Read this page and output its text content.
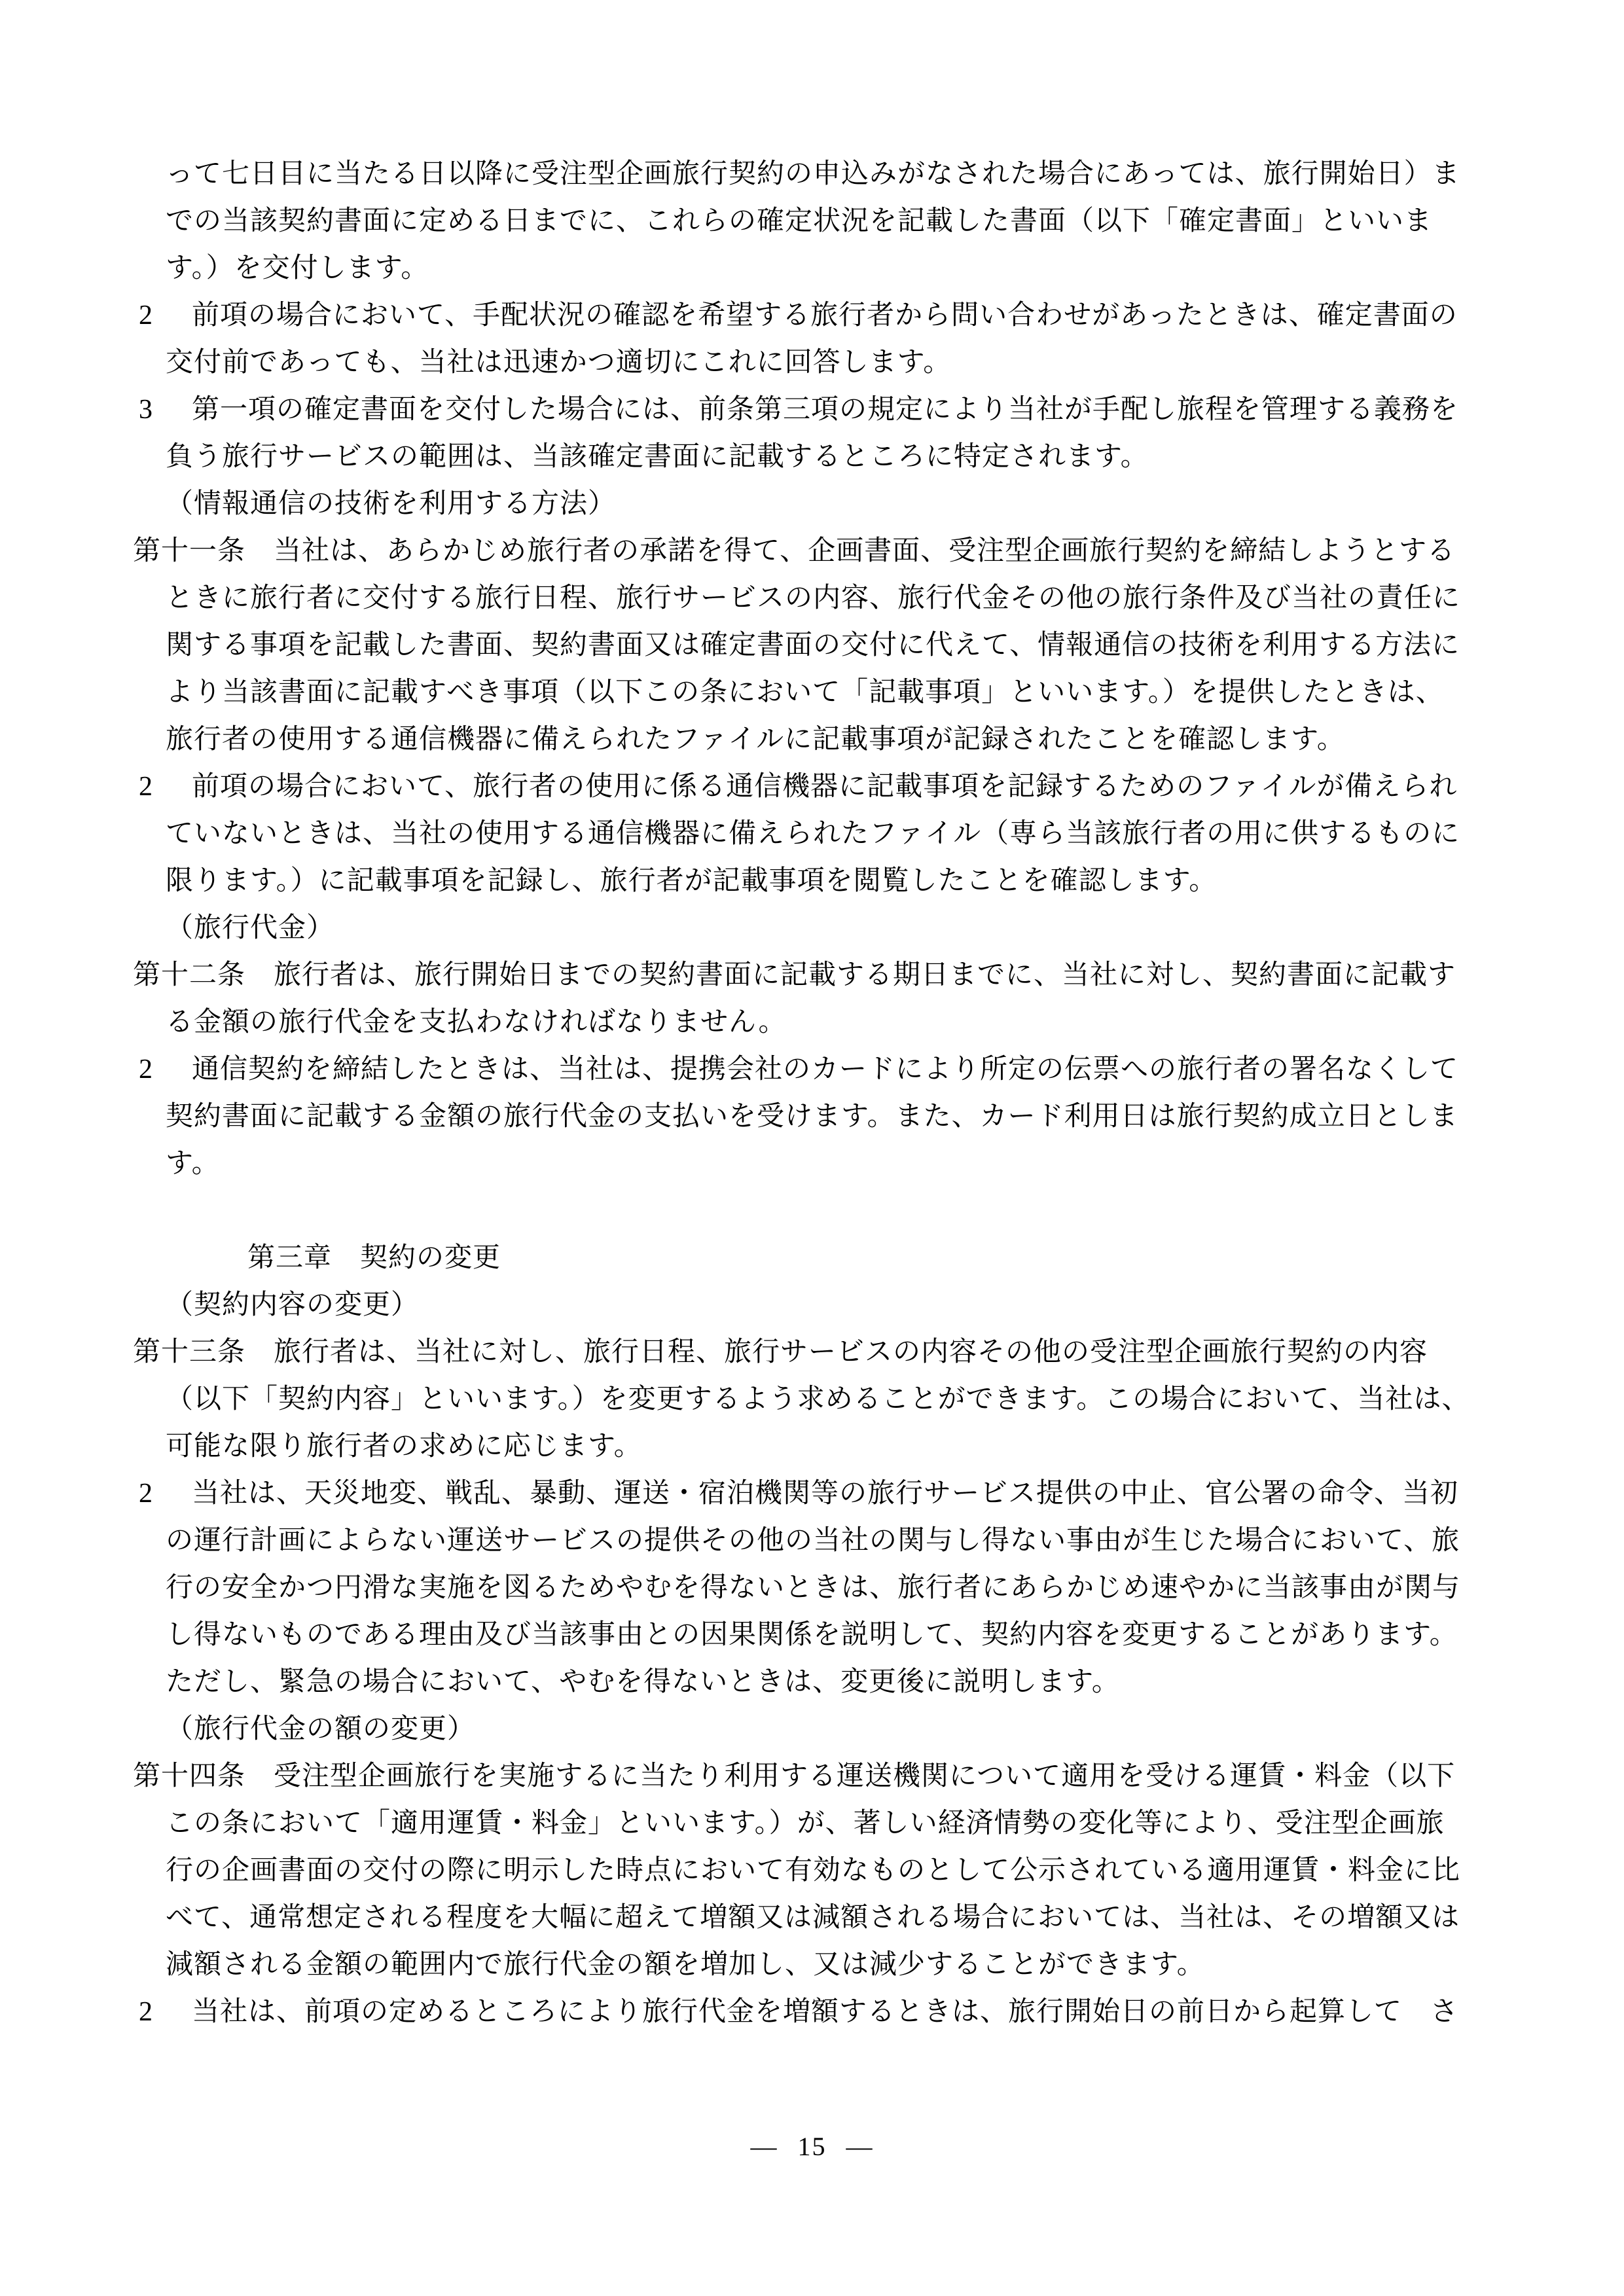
って七日目に当たる日以降に受注型企画旅行契約の申込みがなされた場合にあっては、旅行開始日）ま
での当該契約書面に定める日までに、これらの確定状況を記載した書面（以下「確定書面」といいま
す。）を交付します。
2 前項の場合において、手配状況の確認を希望する旅行者から問い合わせがあったときは、確定書面の
交付前であっても、当社は迅速かつ適切にこれに回答します。
3 第一項の確定書面を交付した場合には、前条第三項の規定により当社が手配し旅程を管理する義務を
負う旅行サービスの範囲は、当該確定書面に記載するところに特定されます。
（情報通信の技術を利用する方法）
第十一条　当社は、あらかじめ旅行者の承諾を得て、企画書面、受注型企画旅行契約を締結しようとする
ときに旅行者に交付する旅行日程、旅行サービスの内容、旅行代金その他の旅行条件及び当社の責任に
関する事項を記載した書面、契約書面又は確定書面の交付に代えて、情報通信の技術を利用する方法に
より当該書面に記載すべき事項（以下この条において「記載事項」といいます。）を提供したときは、
旅行者の使用する通信機器に備えられたファイルに記載事項が記録されたことを確認します。
2 前項の場合において、旅行者の使用に係る通信機器に記載事項を記録するためのファイルが備えられ
ていないときは、当社の使用する通信機器に備えられたファイル（専ら当該旅行者の用に供するものに
限ります。）に記載事項を記録し、旅行者が記載事項を閲覧したことを確認します。
（旅行代金）
第十二条　旅行者は、旅行開始日までの契約書面に記載する期日までに、当社に対し、契約書面に記載す
る金額の旅行代金を支払わなければなりません。
2 通信契約を締結したときは、当社は、提携会社のカードにより所定の伝票への旅行者の署名なくして
契約書面に記載する金額の旅行代金の支払いを受けます。また、カード利用日は旅行契約成立日としま
す。
第三章　契約の変更
（契約内容の変更）
第十三条　旅行者は、当社に対し、旅行日程、旅行サービスの内容その他の受注型企画旅行契約の内容
（以下「契約内容」といいます。）を変更するよう求めることができます。この場合において、当社は、
可能な限り旅行者の求めに応じます。
2 当社は、天災地変、戦乱、暴動、運送・宿泊機関等の旅行サービス提供の中止、官公署の命令、当初
の運行計画によらない運送サービスの提供その他の当社の関与し得ない事由が生じた場合において、旅
行の安全かつ円滑な実施を図るためやむを得ないときは、旅行者にあらかじめ速やかに当該事由が関与
し得ないものである理由及び当該事由との因果関係を説明して、契約内容を変更することがあります。
ただし、緊急の場合において、やむを得ないときは、変更後に説明します。
（旅行代金の額の変更）
第十四条　受注型企画旅行を実施するに当たり利用する運送機関について適用を受ける運賃・料金（以下
この条において「適用運賃・料金」といいます。）が、著しい経済情勢の変化等により、受注型企画旅
行の企画書面の交付の際に明示した時点において有効なものとして公示されている適用運賃・料金に比
べて、通常想定される程度を大幅に超えて増額又は減額される場合においては、当社は、その増額又は
減額される金額の範囲内で旅行代金の額を増加し、又は減少することができます。
2 当社は、前項の定めるところにより旅行代金を増額するときは、旅行開始日の前日から起算して　さ
― 15 ―
